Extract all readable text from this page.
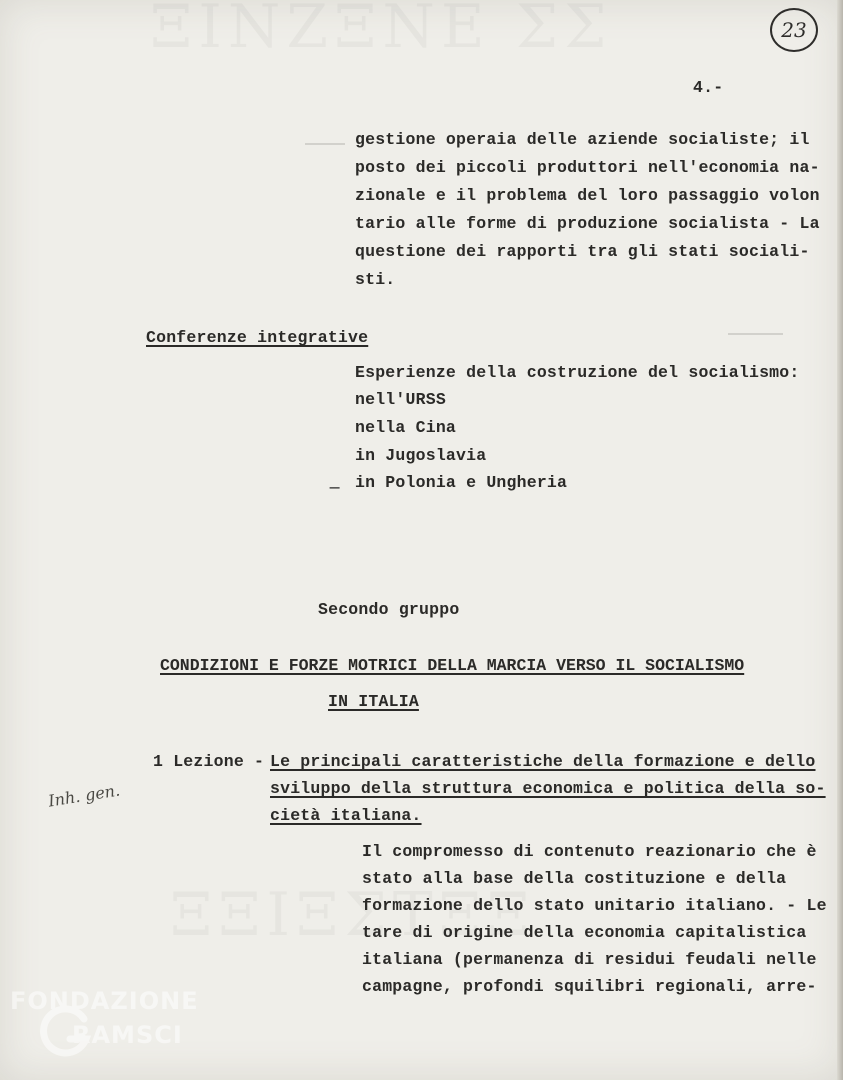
23

4.-

gestione operaia delle aziende socialiste; il

posto dei piccoli produttori nell'economia na-

zionale e il problema del loro passaggio volon

tario alle forme di produzione socialista - La

questione dei rapporti tra gli stati sociali-

sti.

Conferenze integrative

Esperienze della costruzione del socialismo:

nell'URSS

nella Cina

in Jugoslavia

in Polonia e Ungheria

−

Secondo gruppo

CONDIZIONI E FORZE MOTRICI DELLA MARCIA VERSO IL SOCIALISMO

IN ITALIA

1 Lezione -

Le principali caratteristiche della formazione e dello

sviluppo della struttura economica e politica della so-

cietà italiana.

Il compromesso di contenuto reazionario che è

stato alla base della costituzione e della

formazione dello stato unitario italiano. - Le

tare di origine della economia capitalistica

italiana (permanenza di residui feudali nelle

campagne, profondi squilibri regionali, arre-

Inh. gen.
FONDAZIONE
RAMSCI
